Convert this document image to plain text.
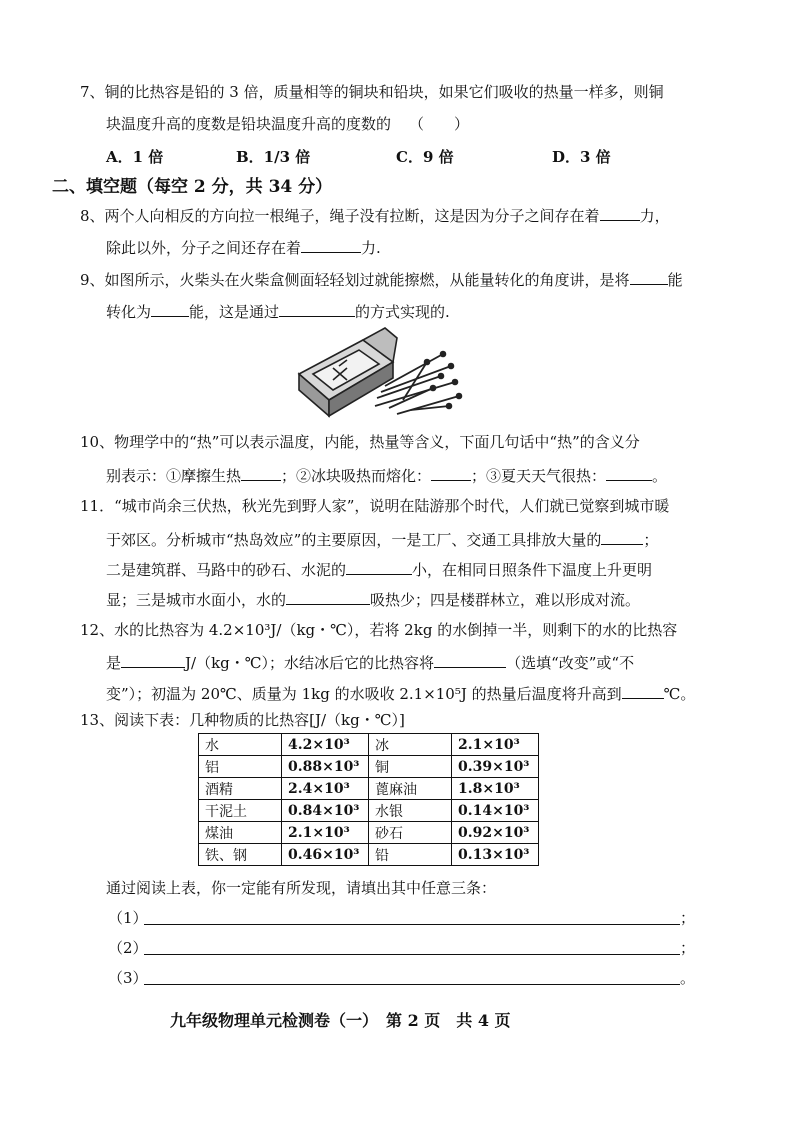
7、铜的比热容是铅的 3 倍，质量相等的铜块和铅块，如果它们吸收的热量一样多，则铜
块温度升高的度数是铅块温度升高的度数的 （　　）
A．1 倍	B．1/3 倍	C．9 倍	D．3 倍
二、填空题（每空 2 分，共 34 分）
8、两个人向相反的方向拉一根绳子，绳子没有拉断，这是因为分子之间存在着	力，
除此以外，分子之间还存在着	力.
9、如图所示，火柴头在火柴盒侧面轻轻划过就能擦燃，从能量转化的角度讲，是将	能
转化为	能，这是通过	的方式实现的.
10、物理学中的“热”可以表示温度，内能，热量等含义，下面几句话中“热”的含义分
别表示：①摩擦生热	；②冰块吸热而熔化：	；③夏天天气很热：	。
11．“城市尚余三伏热，秋光先到野人家”，说明在陆游那个时代，人们就已觉察到城市暖
于郊区。分析城市“热岛效应”的主要原因，一是工厂、交通工具排放大量的	；
二是建筑群、马路中的砂石、水泥的	小，在相同日照条件下温度上升更明
显；三是城市水面小，水的	吸热少；四是楼群林立，难以形成对流。
12、水的比热容为 4.2×10³J/（kg・℃），若将 2kg 的水倒掉一半，则剩下的水的比热容
是	J/（kg・℃）；水结冰后它的比热容将	（选填“改变”或“不
变”）；初温为 20℃、质量为 1kg 的水吸收 2.1×10⁵J 的热量后温度将升高到	℃。
13、阅读下表：几种物质的比热容[J/（kg・℃）]
水	4.2×10³	冰	2.1×10³
铝	0.88×10³	铜	0.39×10³
酒精	2.4×10³	蓖麻油	1.8×10³
干泥土	0.84×10³	水银	0.14×10³
煤油	2.1×10³	砂石	0.92×10³
铁、钢	0.46×10³	铅	0.13×10³
通过阅读上表，你一定能有所发现，请填出其中任意三条：
（1）	；
（2）	；
（3）	。
九年级物理单元检测卷（一）　第 2 页　共 4 页
